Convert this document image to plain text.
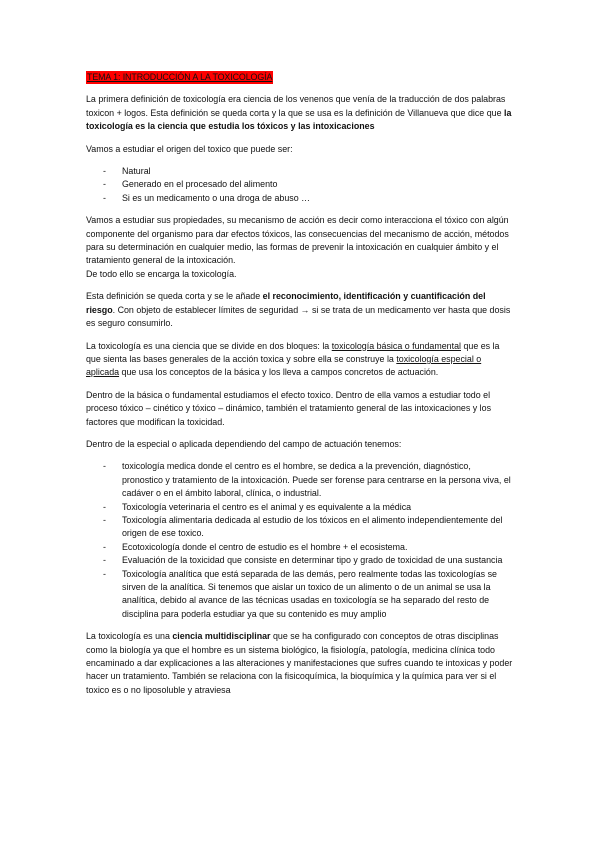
TEMA 1: INTRODUCCIÓN A LA TOXICOLOGÍA

La primera definición de toxicología era ciencia de los venenos que venía de la traducción de dos palabras toxicon + logos. Esta definición se queda corta y la que se usa es la definición de Villanueva que dice que la toxicología es la ciencia que estudia los tóxicos y las intoxicaciones

Vamos a estudiar el origen del toxico que puede ser:

- Natural
- Generado en el procesado del alimento
- Si es un medicamento o una droga de abuso …

Vamos a estudiar sus propiedades, su mecanismo de acción es decir como interacciona el tóxico con algún componente del organismo para dar efectos tóxicos, las consecuencias del mecanismo de acción, métodos para su determinación en cualquier medio, las formas de prevenir la intoxicación en cualquier ámbito y el tratamiento general de la intoxicación.
De todo ello se encarga la toxicología.

Esta definición se queda corta y se le añade el reconocimiento, identificación y cuantificación del riesgo. Con objeto de establecer límites de seguridad → si se trata de un medicamento ver hasta que dosis es seguro consumirlo.

La toxicología es una ciencia que se divide en dos bloques: la toxicología básica o fundamental que es la que sienta las bases generales de la acción toxica y sobre ella se construye la toxicología especial o aplicada que usa los conceptos de la básica y los lleva a campos concretos de actuación.

Dentro de la básica o fundamental estudiamos el efecto toxico. Dentro de ella vamos a estudiar todo el proceso tóxico – cinético y tóxico – dinámico, también el tratamiento general de las intoxicaciones y los factores que modifican la toxicidad.

Dentro de la especial o aplicada dependiendo del campo de actuación tenemos:

- toxicología medica donde el centro es el hombre, se dedica a la prevención, diagnóstico, pronostico y tratamiento de la intoxicación. Puede ser forense para centrarse en la persona viva, el cadáver o en el ámbito laboral, clínica, o industrial.
- Toxicología veterinaria el centro es el animal y es equivalente a la médica
- Toxicología alimentaria dedicada al estudio de los tóxicos en el alimento independientemente del origen de ese toxico.
- Ecotoxicología donde el centro de estudio es el hombre + el ecosistema.
- Evaluación de la toxicidad que consiste en determinar tipo y grado de toxicidad de una sustancia
- Toxicología analítica que está separada de las demás, pero realmente todas las toxicologías se sirven de la analítica. Si tenemos que aislar un toxico de un alimento o de un animal se usa la analítica, debido al avance de las técnicas usadas en toxicología se ha separado del resto de disciplina para poderla estudiar ya que su contenido es muy amplio

La toxicología es una ciencia multidisciplinar que se ha configurado con conceptos de otras disciplinas como la biología ya que el hombre es un sistema biológico, la fisiología, patología, medicina clínica todo encaminado a dar explicaciones a las alteraciones y manifestaciones que sufres cuando te intoxicas y poder hacer un tratamiento. También se relaciona con la fisicoquímica, la bioquímica y la química para ver si el toxico es o no liposoluble y atraviesa
